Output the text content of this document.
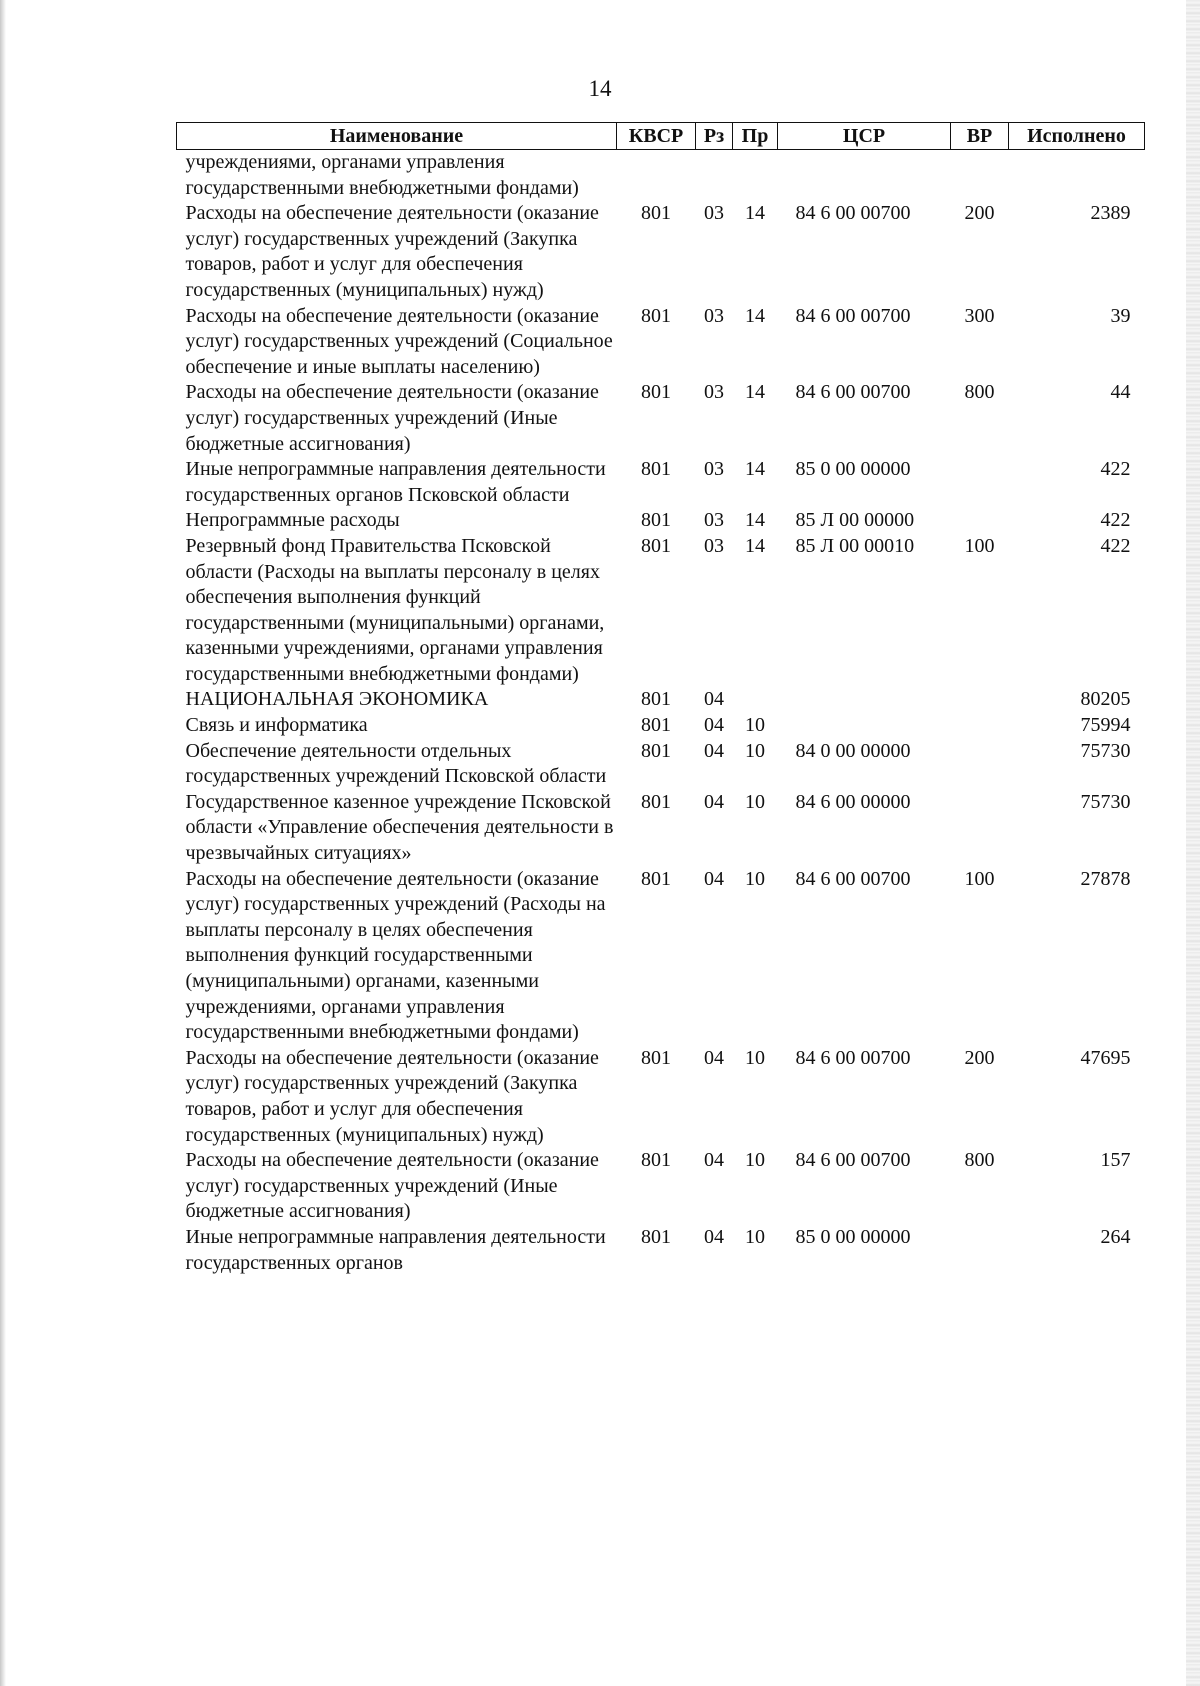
14
Наименование	КВСР	Рз	Пр	ЦСР	ВР	Исполнено
учреждениями, органами управления государственными внебюджетными фондами)						
Расходы на обеспечение деятельности (оказание услуг) государственных учреждений (Закупка товаров, работ и услуг для обеспечения государственных (муниципальных) нужд)	801	03	14	84 6 00 00700	200	2389
Расходы на обеспечение деятельности (оказание услуг) государственных учреждений (Социальное обеспечение и иные выплаты населению)	801	03	14	84 6 00 00700	300	39
Расходы на обеспечение деятельности (оказание услуг) государственных учреждений (Иные бюджетные ассигнования)	801	03	14	84 6 00 00700	800	44
Иные непрограммные направления деятельности государственных органов Псковской области	801	03	14	85 0 00 00000		422
Непрограммные расходы	801	03	14	85 Л 00 00000		422
Резервный фонд Правительства Псковской области (Расходы на выплаты персоналу в целях обеспечения выполнения функций государственными (муниципальными) органами, казенными учреждениями, органами управления государственными внебюджетными фондами)	801	03	14	85 Л 00 00010	100	422
НАЦИОНАЛЬНАЯ ЭКОНОМИКА	801	04				80205
Связь и информатика	801	04	10			75994
Обеспечение деятельности отдельных государственных учреждений Псковской области	801	04	10	84 0 00 00000		75730
Государственное казенное учреждение Псковской области «Управление обеспечения деятельности в чрезвычайных ситуациях»	801	04	10	84 6 00 00000		75730
Расходы на обеспечение деятельности (оказание услуг) государственных учреждений (Расходы на выплаты персоналу в целях обеспечения выполнения функций государственными (муниципальными) органами, казенными учреждениями, органами управления государственными внебюджетными фондами)	801	04	10	84 6 00 00700	100	27878
Расходы на обеспечение деятельности (оказание услуг) государственных учреждений (Закупка товаров, работ и услуг для обеспечения государственных (муниципальных) нужд)	801	04	10	84 6 00 00700	200	47695
Расходы на обеспечение деятельности (оказание услуг) государственных учреждений (Иные бюджетные ассигнования)	801	04	10	84 6 00 00700	800	157
Иные непрограммные направления деятельности государственных органов	801	04	10	85 0 00 00000		264
